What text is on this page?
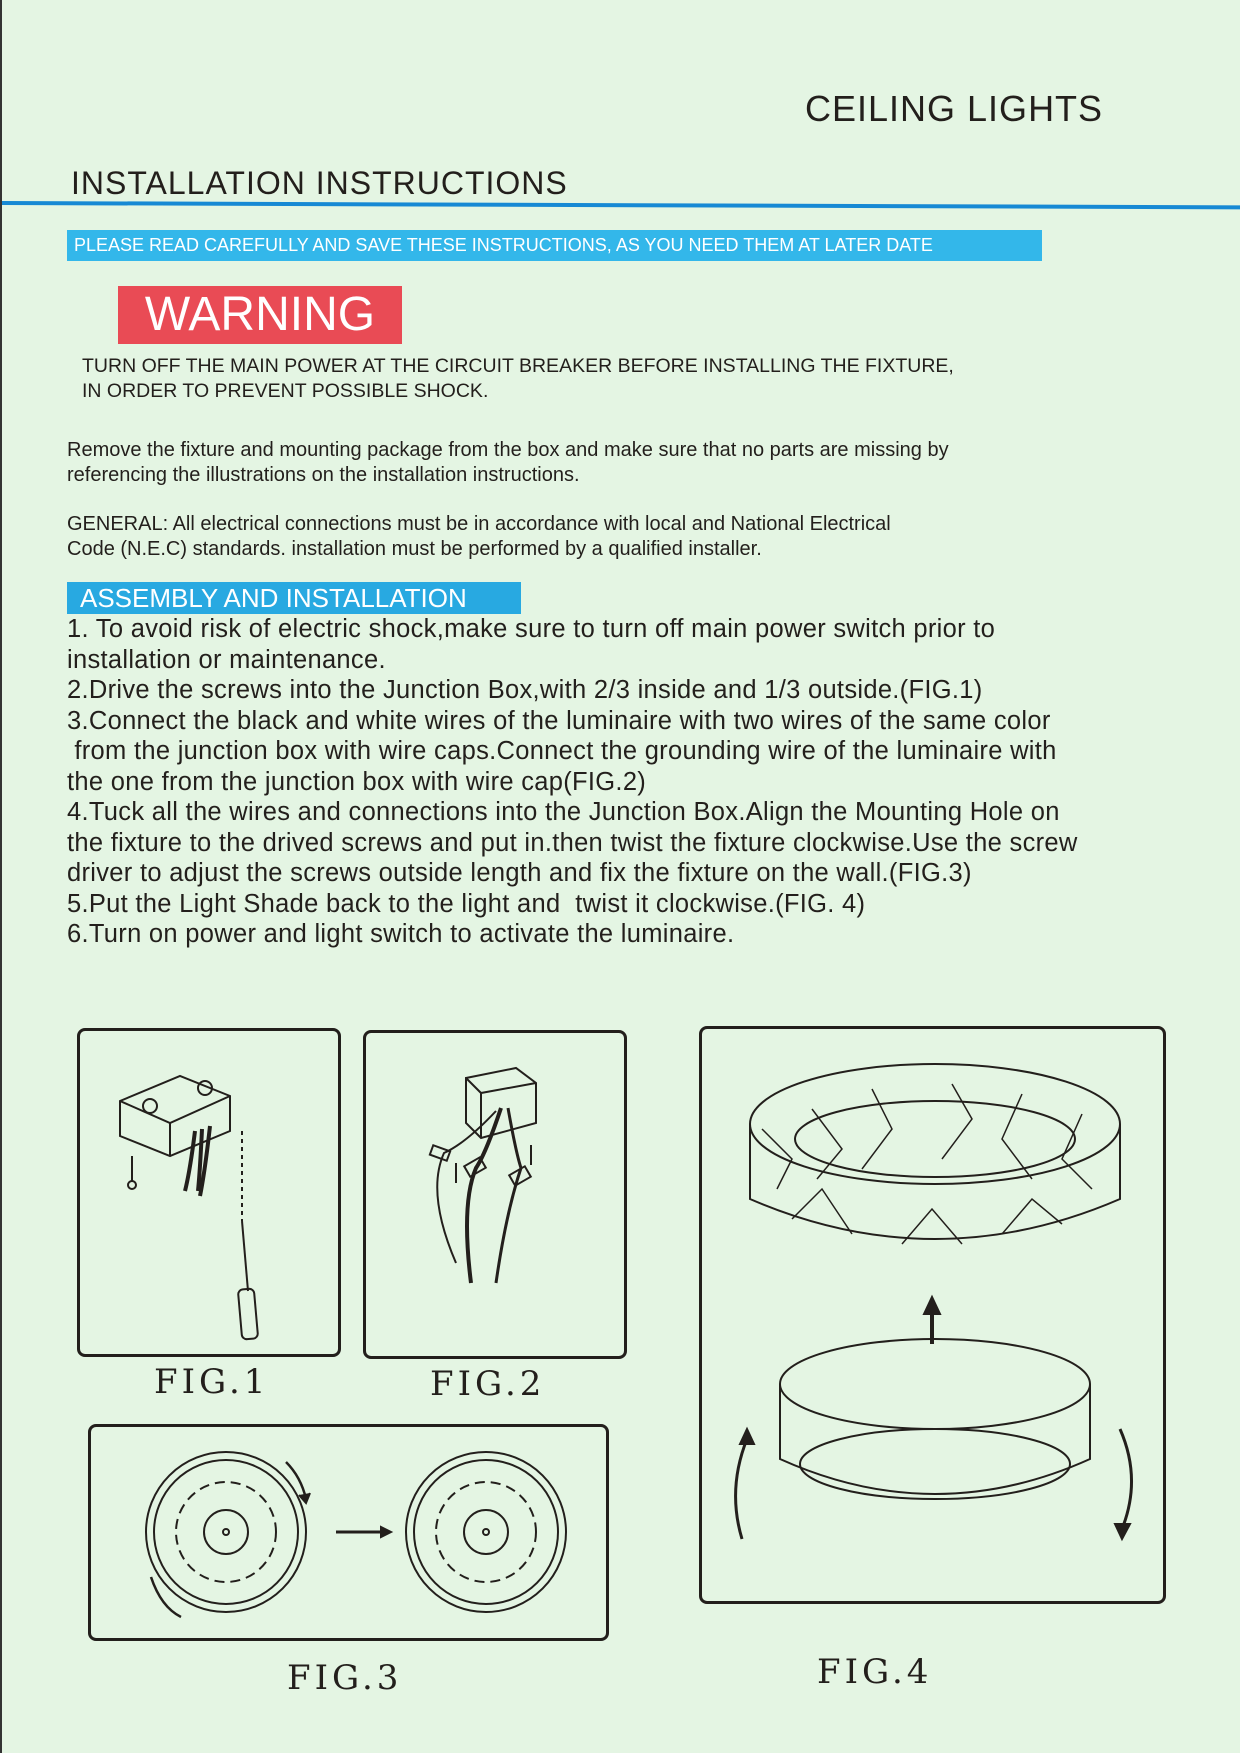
CEILING LIGHTS
INSTALLATION INSTRUCTIONS
PLEASE READ CAREFULLY AND SAVE THESE INSTRUCTIONS, AS YOU NEED THEM AT LATER DATE
WARNING
TURN OFF THE MAIN POWER AT THE CIRCUIT BREAKER BEFORE INSTALLING THE FIXTURE,
IN ORDER TO PREVENT POSSIBLE SHOCK.
Remove the fixture and mounting package from the box and make sure that no parts are missing by
referencing the illustrations on the installation instructions.
GENERAL: All electrical connections must be in accordance with local and National Electrical
Code (N.E.C) standards. installation must be performed by a qualified installer.
ASSEMBLY AND INSTALLATION
1. To avoid risk of electric shock,make sure to turn off main power switch prior to
installation or maintenance.
2.Drive the screws into the Junction Box,with 2/3 inside and 1/3 outside.(FIG.1)
3.Connect the black and white wires of the luminaire with two wires of the same color
from the junction box with wire caps.Connect the grounding wire of the luminaire with
the one from the junction box with wire cap(FIG.2)
4.Tuck all the wires and connections into the Junction Box.Align the Mounting Hole on
the fixture to the drived screws and put in.then twist the fixture clockwise.Use the screw
driver to adjust the screws outside length and fix the fixture on the wall.(FIG.3)
5.Put the Light Shade back to the light and  twist it clockwise.(FIG. 4)
6.Turn on power and light switch to activate the luminaire.
FIG.1	FIG.2
FIG.3	FIG.4
